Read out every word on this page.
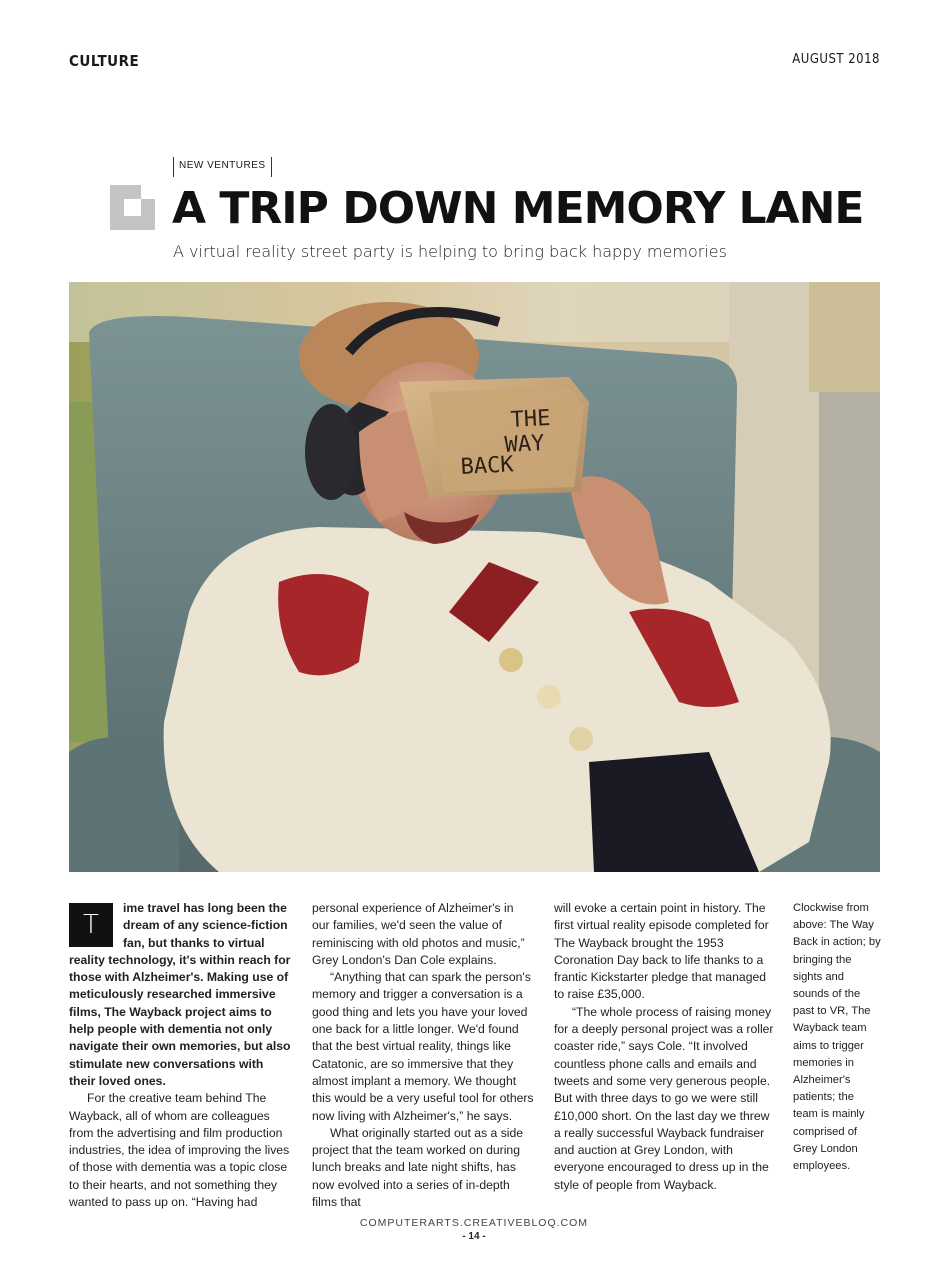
CULTURE	AUGUST 2018
NEW VENTURES
A TRIP DOWN MEMORY LANE
A virtual reality street party is helping to bring back happy memories
THE
WAY
BACK

T
ime travel has long been the dream of any science-fiction fan, but thanks to virtual reality technology, it's within reach for those with Alzheimer's. Making use of meticulously researched immersive films, The Wayback project aims to help people with dementia not only navigate their own memories, but also stimulate new conversations with their loved ones.

For the creative team behind The Wayback, all of whom are colleagues from the advertising and film production industries, the idea of improving the lives of those with dementia was a topic close to their hearts, and not something they wanted to pass up on. “Having had

personal experience of Alzheimer's in our families, we'd seen the value of reminiscing with old photos and music,” Grey London's Dan Cole explains.

“Anything that can spark the person's memory and trigger a conversation is a good thing and lets you have your loved one back for a little longer. We'd found that the best virtual reality, things like Catatonic, are so immersive that they almost implant a memory. We thought this would be a very useful tool for others now living with Alzheimer's,” he says.

What originally started out as a side project that the team worked on during lunch breaks and late night shifts, has now evolved into a series of in-depth films that

will evoke a certain point in history. The first virtual reality episode completed for The Wayback brought the 1953 Coronation Day back to life thanks to a frantic Kickstarter pledge that managed to raise £35,000.

“The whole process of raising money for a deeply personal project was a roller coaster ride,” says Cole. “It involved countless phone calls and emails and tweets and some very generous people. But with three days to go we were still £10,000 short. On the last day we threw a really successful Wayback fundraiser and auction at Grey London, with everyone encouraged to dress up in the style of people from Wayback.

Clockwise from above: The Way Back in action; by bringing the sights and sounds of the past to VR, The Wayback team aims to trigger memories in Alzheimer's patients; the team is mainly comprised of Grey London employees.
COMPUTERARTS.CREATIVEBLOQ.COM
- 14 -
